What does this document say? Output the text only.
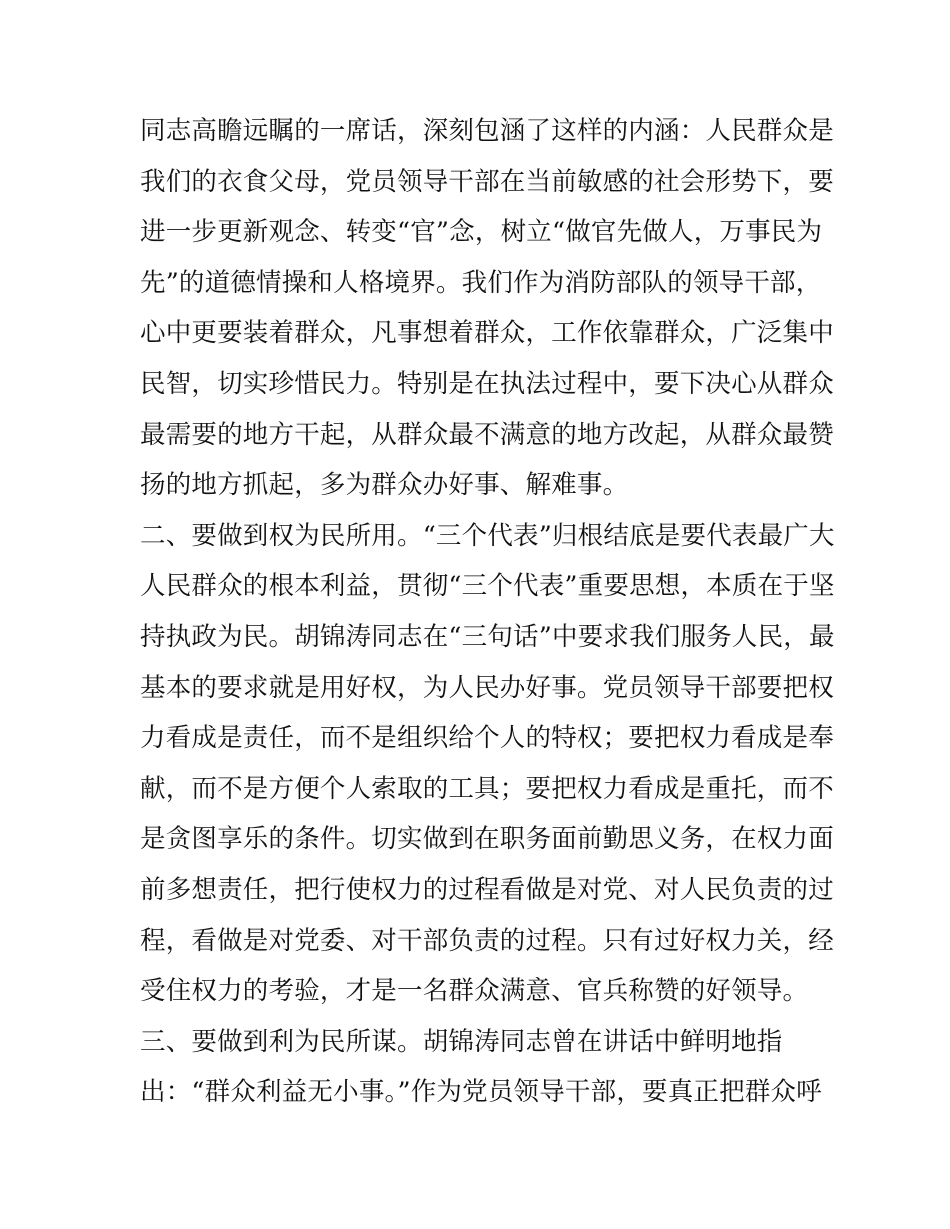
同志高瞻远瞩的一席话，深刻包涵了这样的内涵：人民群众是
我们的衣食父母，党员领导干部在当前敏感的社会形势下，要
进一步更新观念、转变“官”念，树立“做官先做人，万事民为
先”的道德情操和人格境界。我们作为消防部队的领导干部，
心中更要装着群众，凡事想着群众，工作依靠群众，广泛集中
民智，切实珍惜民力。特别是在执法过程中，要下决心从群众
最需要的地方干起，从群众最不满意的地方改起，从群众最赞
扬的地方抓起，多为群众办好事、解难事。
二、要做到权为民所用。“三个代表”归根结底是要代表最广大
人民群众的根本利益，贯彻“三个代表”重要思想，本质在于坚
持执政为民。胡锦涛同志在“三句话”中要求我们服务人民，最
基本的要求就是用好权，为人民办好事。党员领导干部要把权
力看成是责任，而不是组织给个人的特权；要把权力看成是奉
献，而不是方便个人索取的工具；要把权力看成是重托，而不
是贪图享乐的条件。切实做到在职务面前勤思义务，在权力面
前多想责任，把行使权力的过程看做是对党、对人民负责的过
程，看做是对党委、对干部负责的过程。只有过好权力关，经
受住权力的考验，才是一名群众满意、官兵称赞的好领导。
三、要做到利为民所谋。胡锦涛同志曾在讲话中鲜明地指
出：“群众利益无小事。”作为党员领导干部，要真正把群众呼
